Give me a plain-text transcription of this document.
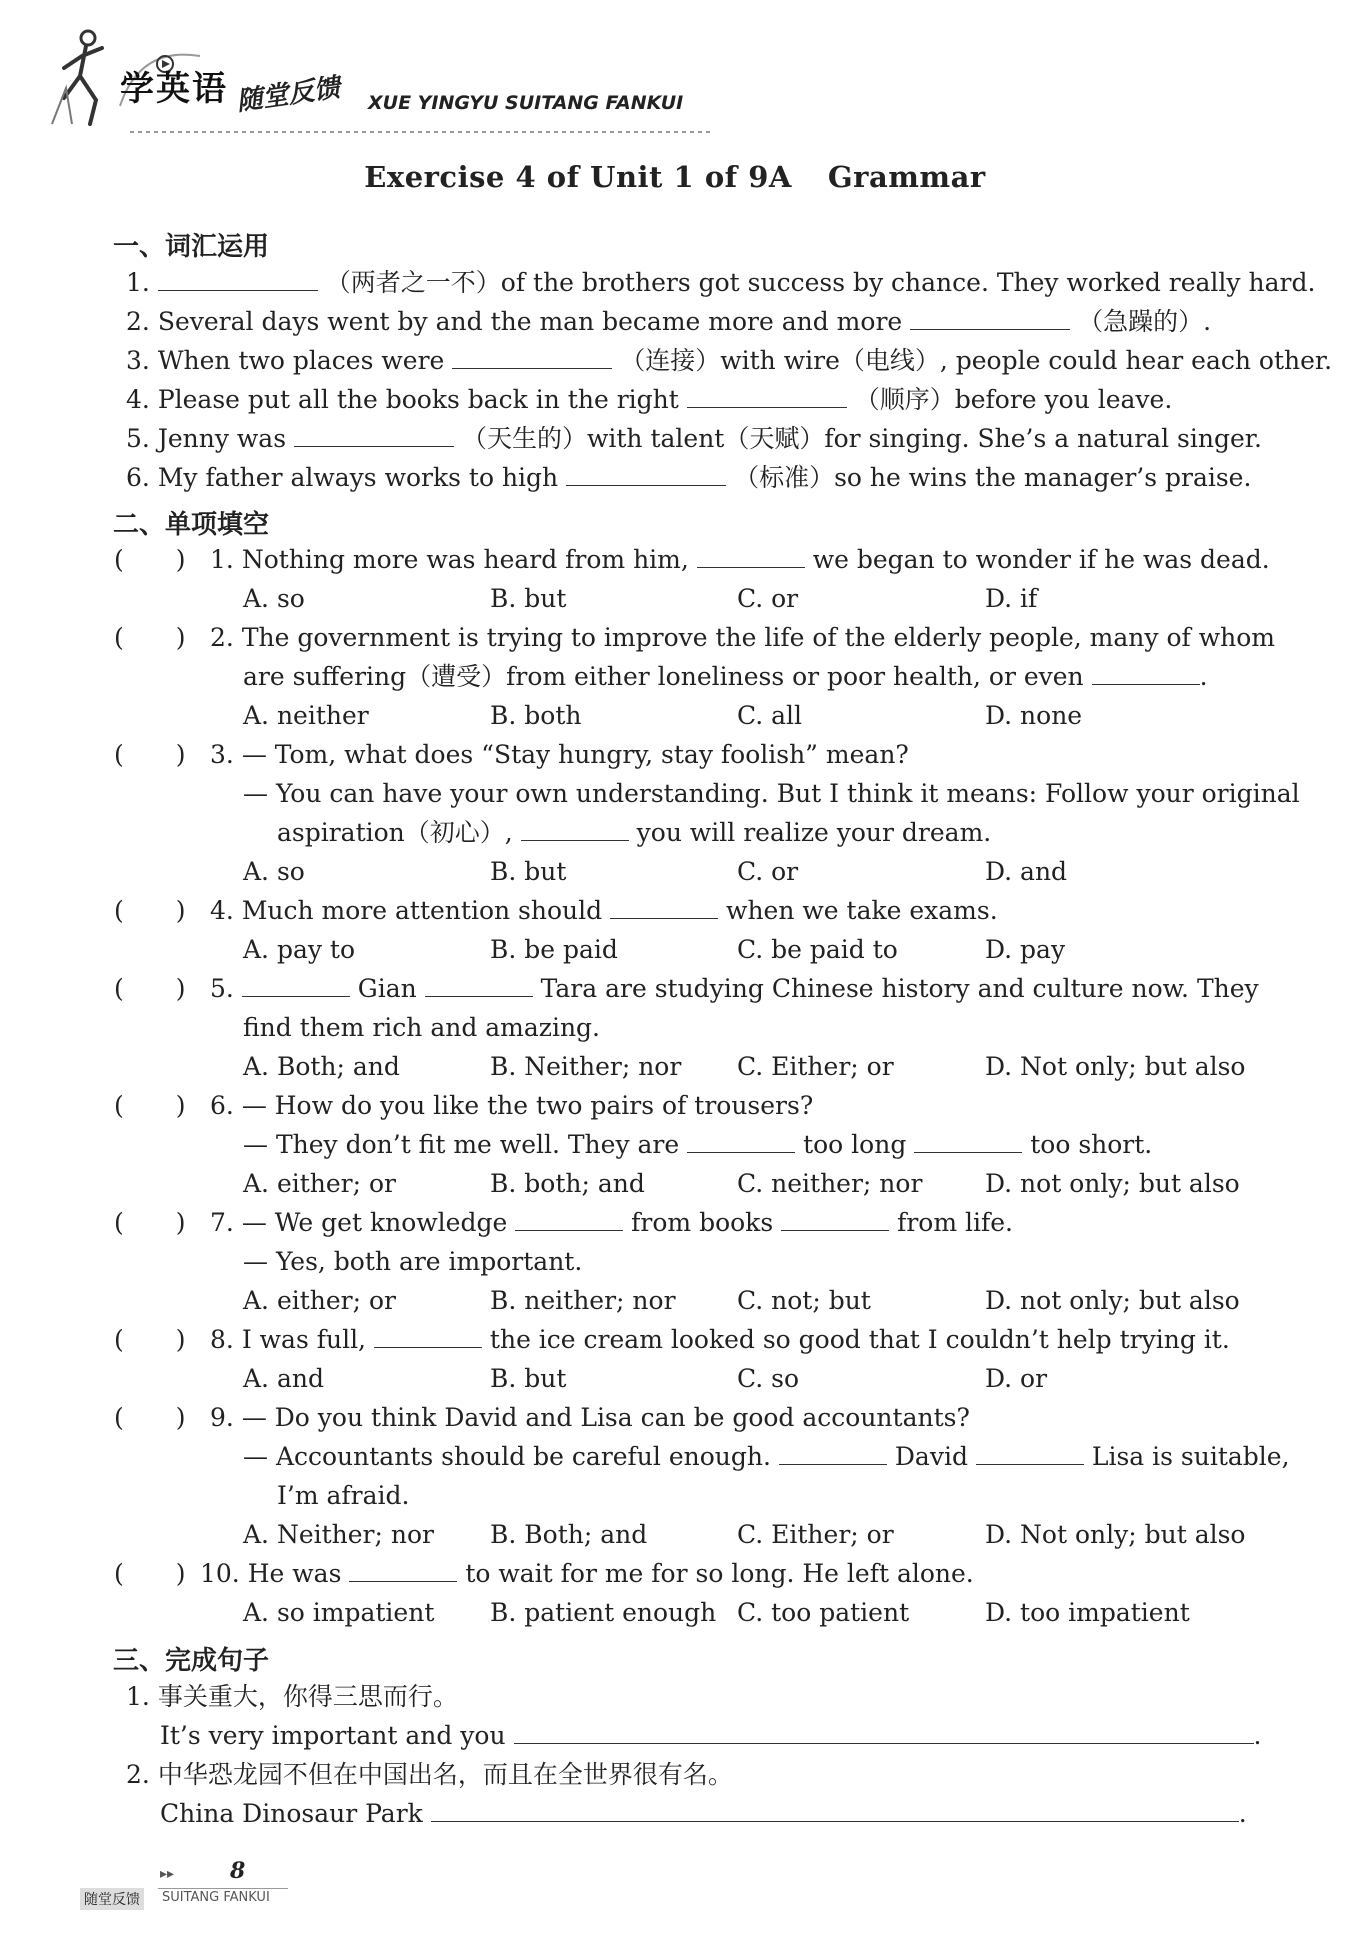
学英语 随堂反馈 XUE YINGYU SUITANG FANKUI
Exercise 4 of Unit 1 of 9A Grammar
一、词汇运用
1.	（两者之一不）of the brothers got success by chance. They worked really hard.
2. Several days went by and the man became more and more	（急躁的）.
3. When two places were	（连接）with wire（电线）, people could hear each other.
4. Please put all the books back in the right	（顺序）before you leave.
5. Jenny was	（天生的）with talent（天赋）for singing. She’s a natural singer.
6. My father always works to high	（标准）so he wins the manager’s praise.
二、单项填空
( ) 1. Nothing more was heard from him,	we began to wonder if he was dead.
A. so	B. but	C. or	D. if
( ) 2. The government is trying to improve the life of the elderly people, many of whom
are suffering（遭受）from either loneliness or poor health, or even	.
A. neither	B. both	C. all	D. none
( ) 3. — Tom, what does “Stay hungry, stay foolish” mean?
— You can have your own understanding. But I think it means: Follow your original
aspiration（初心）,	you will realize your dream.
A. so	B. but	C. or	D. and
( ) 4. Much more attention should	when we take exams.
A. pay to	B. be paid	C. be paid to	D. pay
( ) 5.	Gian	Tara are studying Chinese history and culture now. They
find them rich and amazing.
A. Both; and	B. Neither; nor C. Either; or	D. Not only; but also
( ) 6. — How do you like the two pairs of trousers?
— They don’t fit me well. They are	too long	too short.
A. either; or	B. both; and	C. neither; nor	D. not only; but also
( ) 7. — We get knowledge	from books	from life.
— Yes, both are important.
A. either; or	B. neither; nor C. not; but	D. not only; but also
( ) 8. I was full,	the ice cream looked so good that I couldn’t help trying it.
A. and	B. but	C. so	D. or
( ) 9. — Do you think David and Lisa can be good accountants?
— Accountants should be careful enough.	David	Lisa is suitable,
I’m afraid.
A. Neither; nor B. Both; and	C. Either; or	D. Not only; but also
( ) 10. He was	to wait for me for so long. He left alone.
A. so impatient B. patient enough C. too patient	D. too impatient
三、完成句子
1. 事关重大，你得三思而行。
It’s very important and you	.
2. 中华恐龙园不但在中国出名，而且在全世界很有名。
China Dinosaur Park	.
▸▸	8
随堂反馈	SUITANG FANKUI
